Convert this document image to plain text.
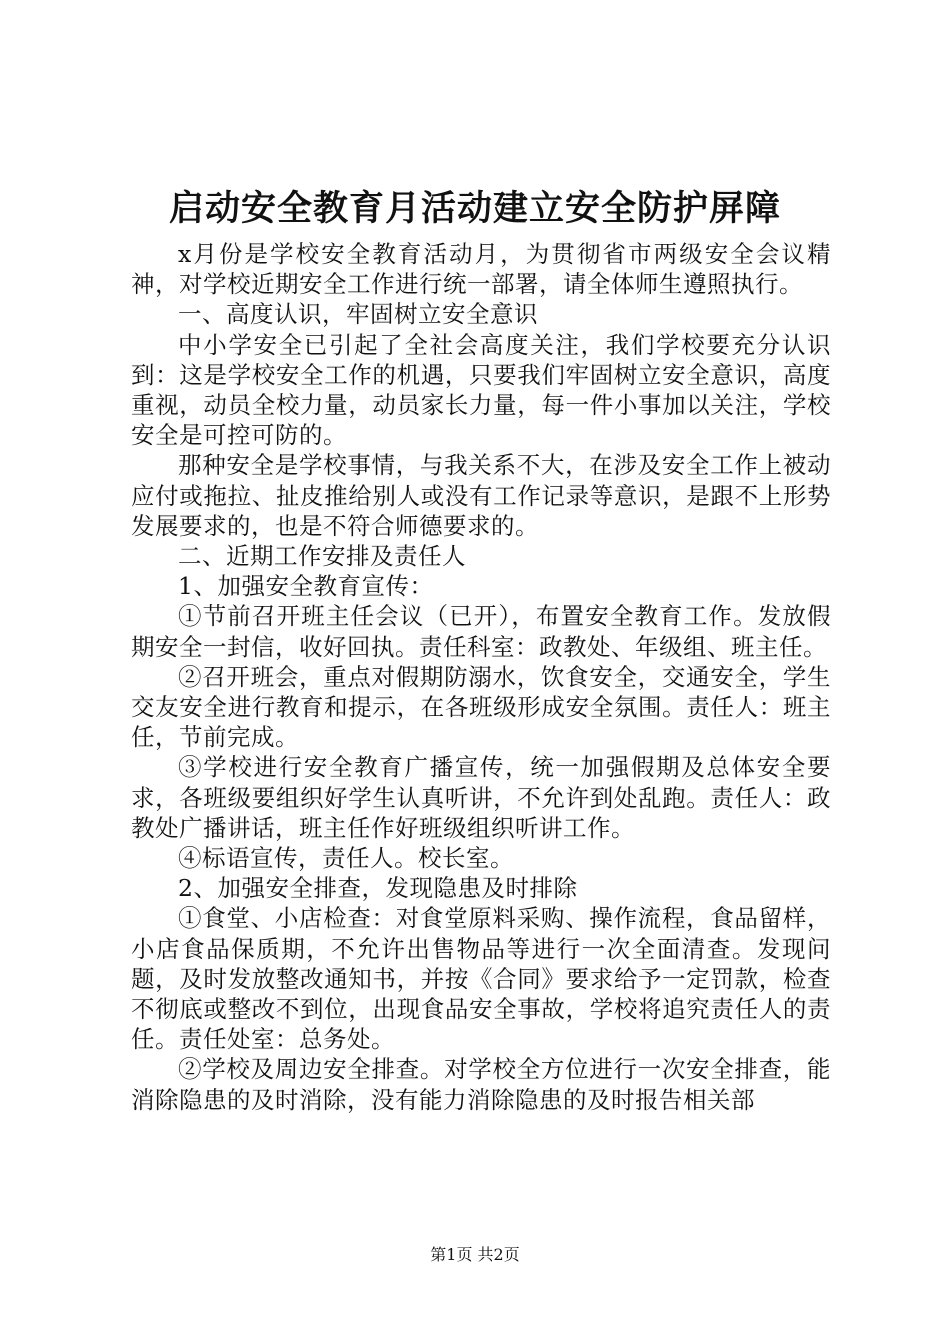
启动安全教育月活动建立安全防护屏障

x月份是学校安全教育活动月，为贯彻省市两级安全会议精神，对学校近期安全工作进行统一部署，请全体师生遵照执行。

一、高度认识，牢固树立安全意识

中小学安全已引起了全社会高度关注，我们学校要充分认识到：这是学校安全工作的机遇，只要我们牢固树立安全意识，高度重视，动员全校力量，动员家长力量，每一件小事加以关注，学校安全是可控可防的。

那种安全是学校事情，与我关系不大，在涉及安全工作上被动应付或拖拉、扯皮推给别人或没有工作记录等意识，是跟不上形势发展要求的，也是不符合师德要求的。

二、近期工作安排及责任人

1、加强安全教育宣传：

①节前召开班主任会议（已开），布置安全教育工作。发放假期安全一封信，收好回执。责任科室：政教处、年级组、班主任。

②召开班会，重点对假期防溺水，饮食安全，交通安全，学生交友安全进行教育和提示，在各班级形成安全氛围。责任人：班主任，节前完成。

③学校进行安全教育广播宣传，统一加强假期及总体安全要求，各班级要组织好学生认真听讲，不允许到处乱跑。责任人：政教处广播讲话，班主任作好班级组织听讲工作。

④标语宣传，责任人。校长室。

2、加强安全排查，发现隐患及时排除

①食堂、小店检查：对食堂原料采购、操作流程，食品留样，小店食品保质期，不允许出售物品等进行一次全面清查。发现问题，及时发放整改通知书，并按《合同》要求给予一定罚款，检查不彻底或整改不到位，出现食品安全事故，学校将追究责任人的责任。责任处室：总务处。

②学校及周边安全排查。对学校全方位进行一次安全排查，能消除隐患的及时消除，没有能力消除隐患的及时报告相关部

第1页 共2页
